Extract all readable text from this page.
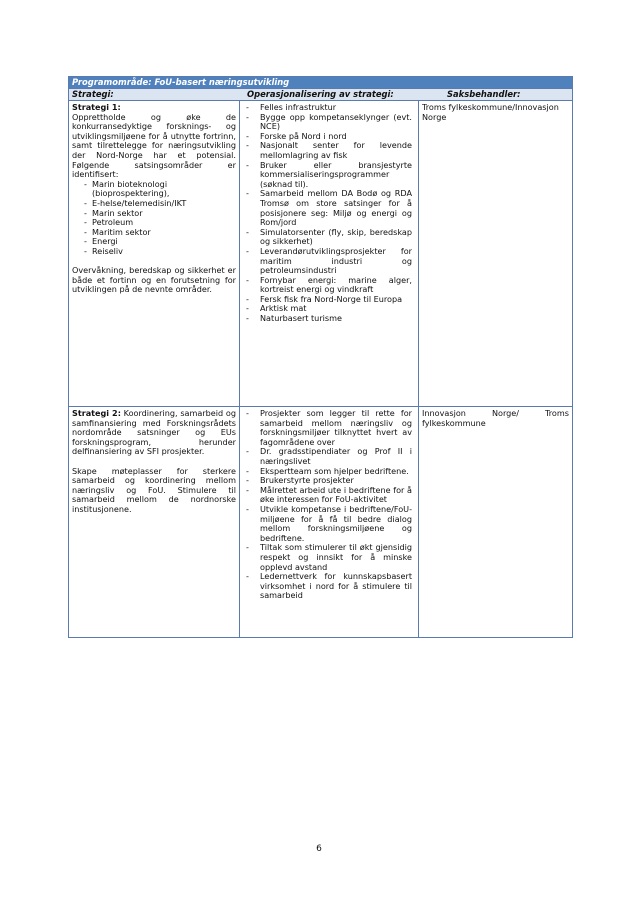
Programområde: FoU-basert næringsutvikling
Strategi:	Operasjonalisering av strategi:	Saksbehandler:
Strategi 1:
Opprettholde og øke de konkurransedyktige forsknings- og utviklingsmiljøene for å utnytte fortrinn, samt tilrettelegge for næringsutvikling der Nord-Norge har et potensial. Følgende satsingsområder er identifisert:
- Marin bioteknologi (bioprospektering),
- E-helse/telemedisin/IKT
- Marin sektor
- Petroleum
- Maritim sektor
- Energi
- Reiseliv
Overvåkning, beredskap og sikkerhet er både et fortinn og en forutsetning for utviklingen på de nevnte områder.
- Felles infrastruktur
- Bygge opp kompetanseklynger (evt. NCE)
- Forske på Nord i nord
- Nasjonalt senter for levende mellomlagring av fisk
- Bruker eller bransjestyrte kommersialiseringsprogrammer (søknad til).
- Samarbeid mellom DA Bodø og RDA Tromsø om store satsinger for å posisjonere seg: Miljø og energi og Rom/jord
- Simulatorsenter (fly, skip, beredskap og sikkerhet)
- Leverandørutviklingsprosjekter for maritim industri og petroleumsindustri
- Fornybar energi: marine alger, kortreist energi og vindkraft
- Fersk fisk fra Nord-Norge til Europa
- Arktisk mat
- Naturbasert turisme
Troms fylkeskommune/Innovasjon Norge
Strategi 2: Koordinering, samarbeid og samfinansiering med Forskningsrådets nordområde satsninger og EUs forskningsprogram, herunder delfinansiering av SFI prosjekter.
Skape møteplasser for sterkere samarbeid og koordinering mellom næringsliv og FoU. Stimulere til samarbeid mellom de nordnorske institusjonene.
- Prosjekter som legger til rette for samarbeid mellom næringsliv og forskningsmiljøer tilknyttet hvert av fagområdene over
- Dr. gradsstipendiater og Prof II i næringslivet
- Ekspertteam som hjelper bedriftene.
- Brukerstyrte prosjekter
- Målrettet arbeid ute i bedriftene for å øke interessen for FoU-aktivitet
- Utvikle kompetanse i bedriftene/FoU-miljøene for å få til bedre dialog mellom forskningsmiljøene og bedriftene.
- Tiltak som stimulerer til økt gjensidig respekt og innsikt for å minske opplevd avstand
- Ledernettverk for kunnskapsbasert virksomhet i nord for å stimulere til samarbeid
Innovasjon Norge/ Troms fylkeskommune
6
